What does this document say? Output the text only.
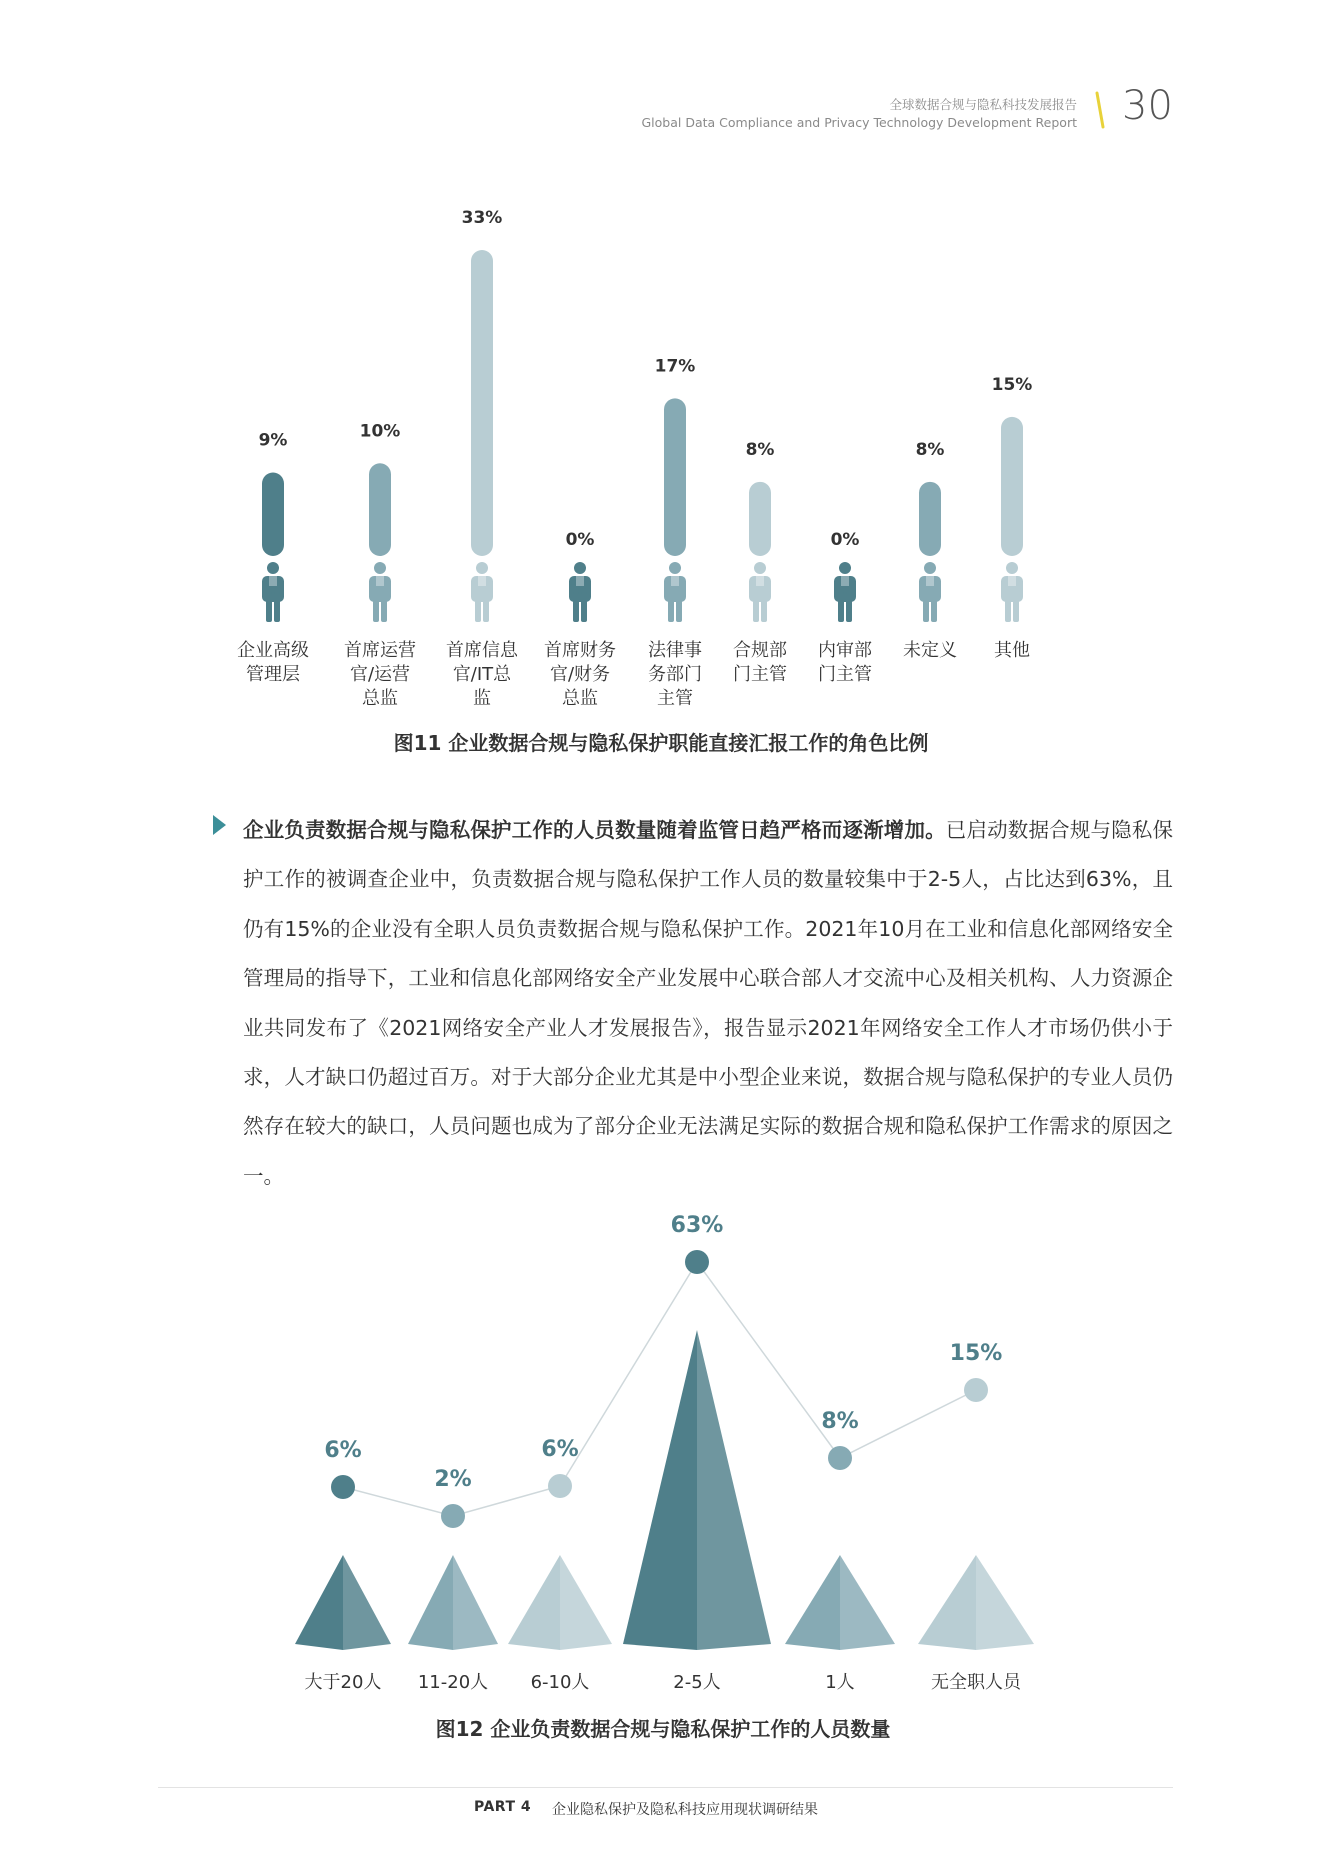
全球数据合规与隐私科技发展报告
Global Data Compliance and Privacy Technology Development Report 30
9%
企业高级
管理层
10%
首席运营
官/运营
总监
33%
首席信息
官/IT总
监
0%
首席财务
官/财务
总监
17%
法律事
务部门
主管
8%
合规部
门主管
0%
内审部
门主管
8%
未定义
15%
其他
图11 企业数据合规与隐私保护职能直接汇报工作的角色比例
企业负责数据合规与隐私保护工作的人员数量随着监管日趋严格而逐渐增加。已启动数据合规与隐私保护工作的被调查企业中，负责数据合规与隐私保护工作人员的数量较集中于2-5人，占比达到63%，且仍有15%的企业没有全职人员负责数据合规与隐私保护工作。2021年10月在工业和信息化部网络安全管理局的指导下，工业和信息化部网络安全产业发展中心联合部人才交流中心及相关机构、人力资源企业共同发布了《2021网络安全产业人才发展报告》，报告显示2021年网络安全工作人才市场仍供小于求，人才缺口仍超过百万。对于大部分企业尤其是中小型企业来说，数据合规与隐私保护的专业人员仍然存在较大的缺口，人员问题也成为了部分企业无法满足实际的数据合规和隐私保护工作需求的原因之一。
6%
大于20人
2%
11-20人
6%
6-10人
63%
2-5人
8%
1人
15%
无全职人员
图12 企业负责数据合规与隐私保护工作的人员数量
PART 4 企业隐私保护及隐私科技应用现状调研结果
